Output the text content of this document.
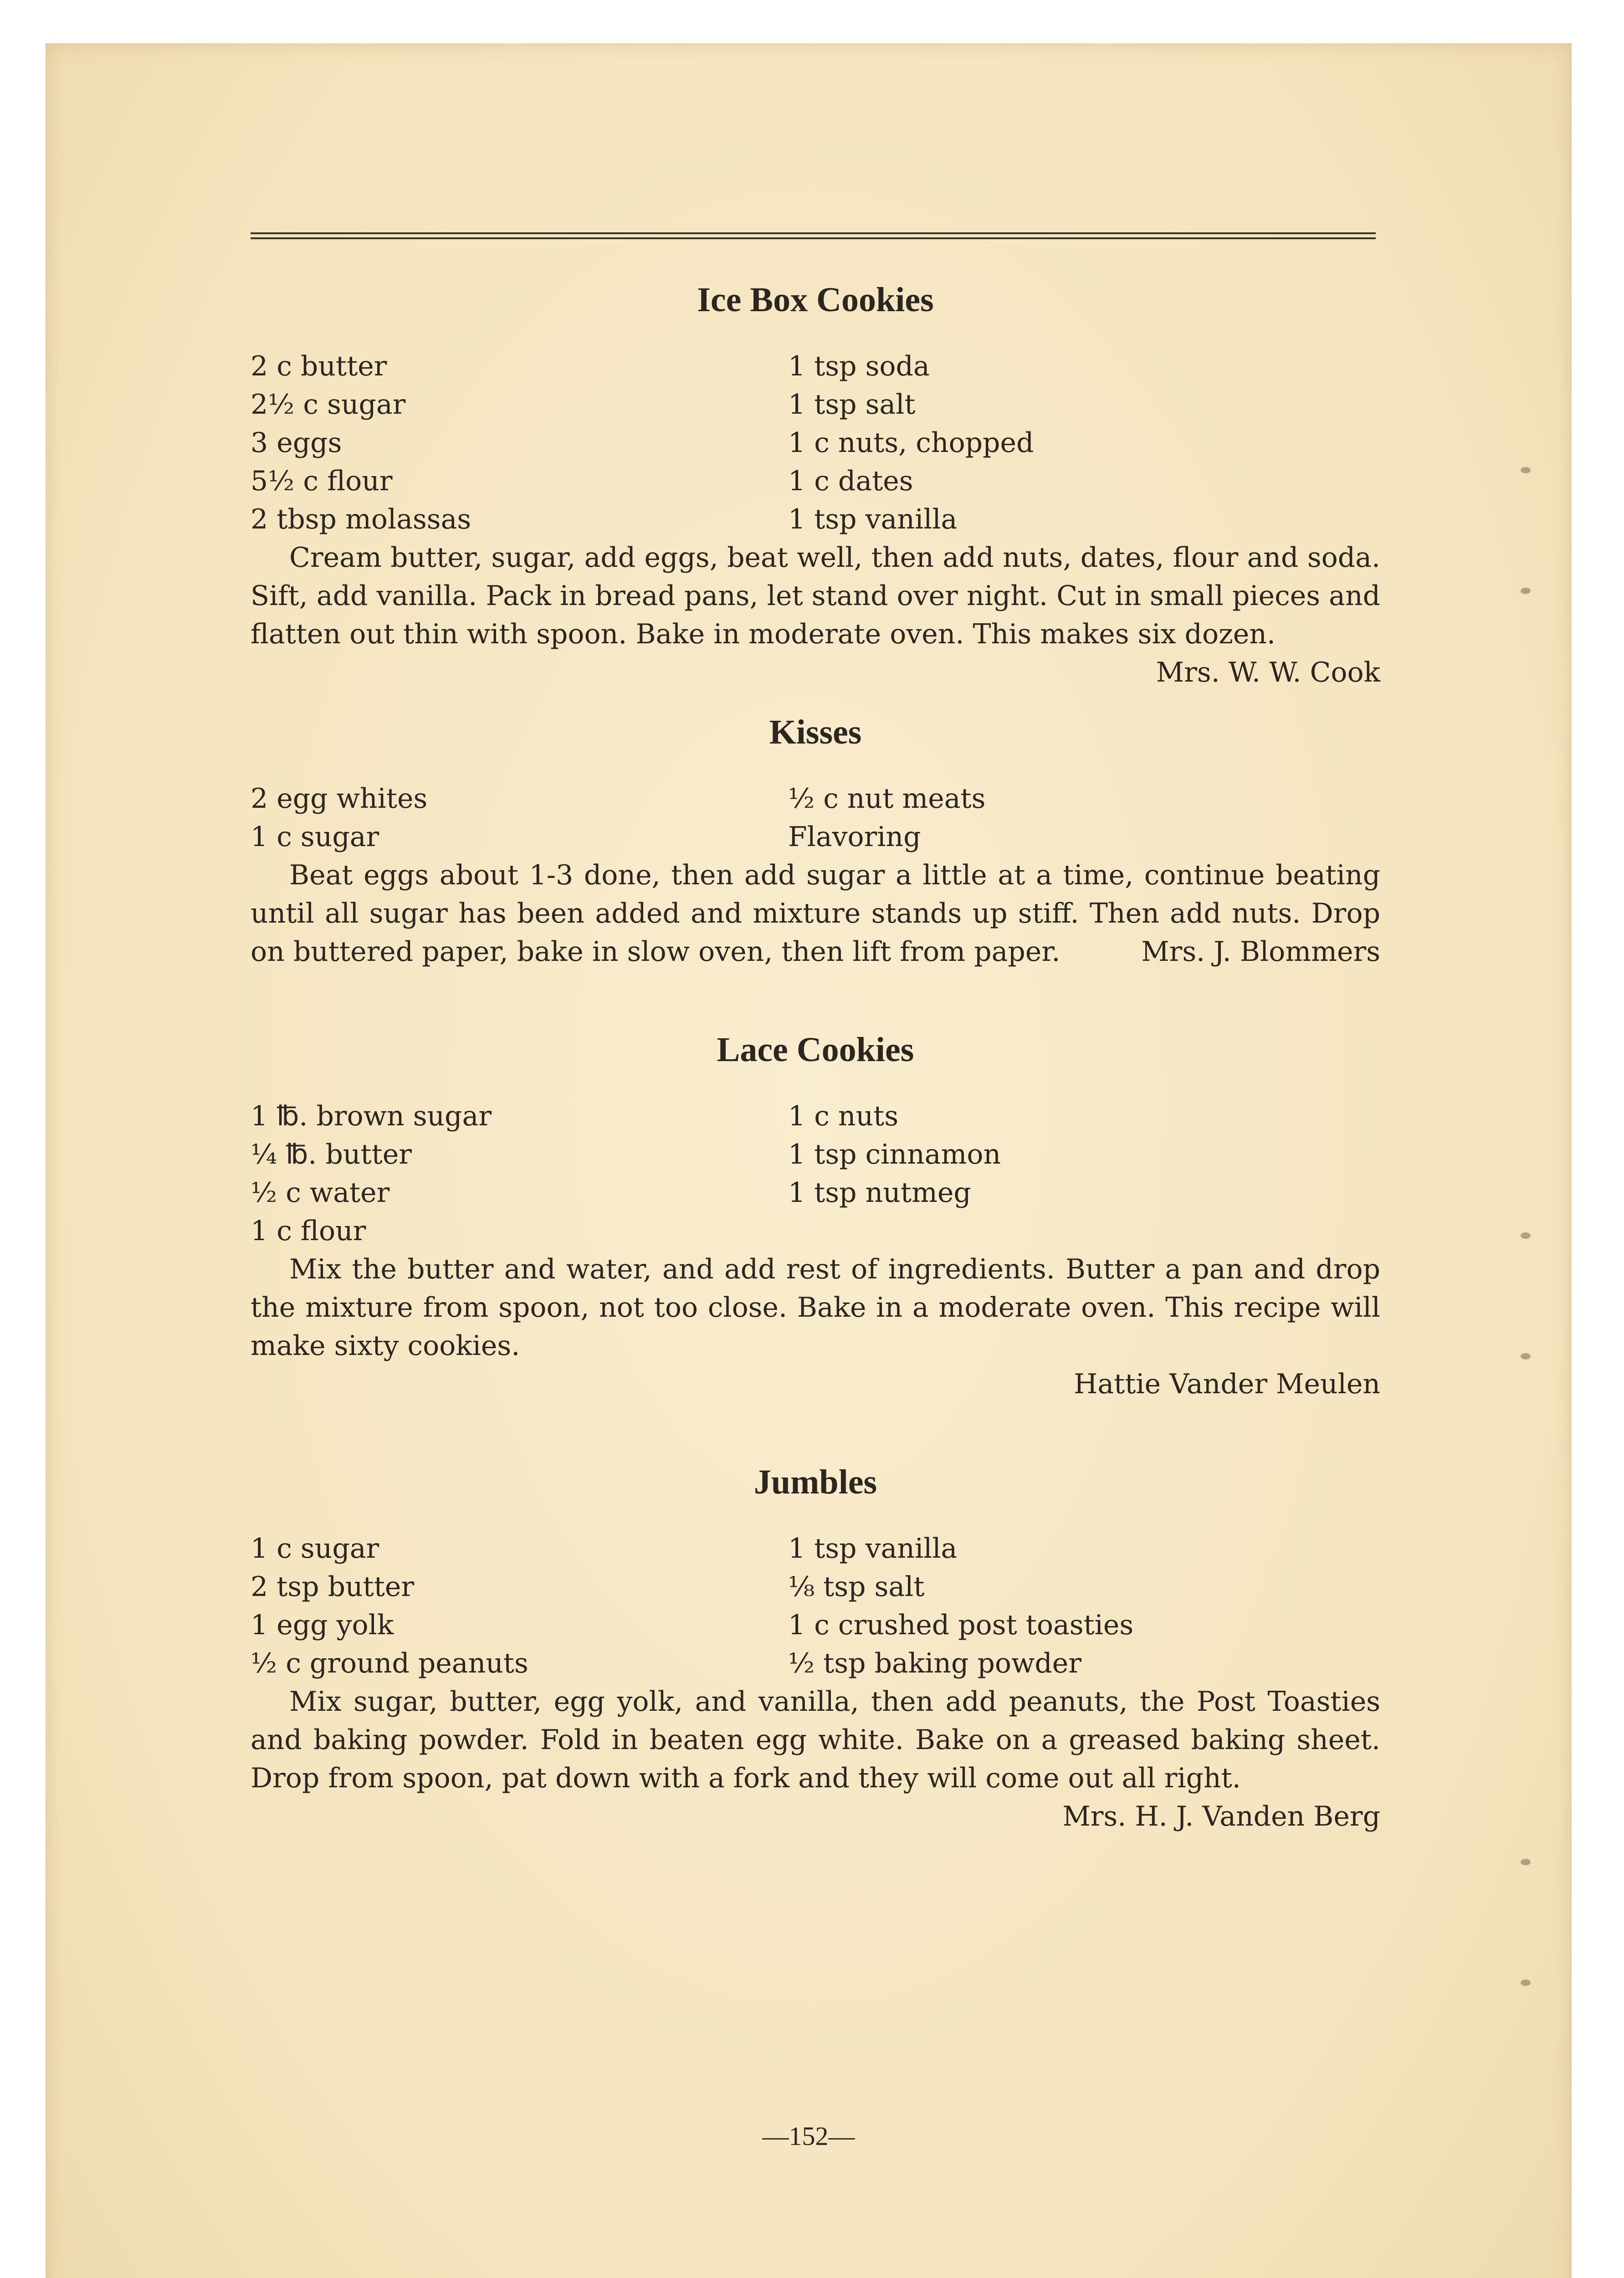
Ice Box Cookies
2 c butter
2½ c sugar
3 eggs
5½ c flour
2 tbsp molassas
1 tsp soda
1 tsp salt
1 c nuts, chopped
1 c dates
1 tsp vanilla

Cream butter, sugar, add eggs, beat well, then add nuts, dates, flour and soda. Sift, add vanilla. Pack in bread pans, let stand over night. Cut in small pieces and flatten out thin with spoon. Bake in moderate oven. This makes six dozen.
Mrs. W. W. Cook

Kisses
2 egg whites
1 c sugar
½ c nut meats
Flavoring

Beat eggs about 1-3 done, then add sugar a little at a time, continue beating until all sugar has been added and mixture stands up stiff. Then add nuts. Drop on buttered paper, bake in slow oven, then lift from paper.	Mrs. J. Blommers

Lace Cookies
1 ℔. brown sugar
¼ ℔. butter
½ c water
1 c flour
1 c nuts
1 tsp cinnamon
1 tsp nutmeg

Mix the butter and water, and add rest of ingredients. Butter a pan and drop the mixture from spoon, not too close. Bake in a moderate oven. This recipe will make sixty cookies.

Hattie Vander Meulen

Jumbles
1 c sugar
2 tsp butter
1 egg yolk
½ c ground peanuts
1 tsp vanilla
⅛ tsp salt
1 c crushed post toasties
½ tsp baking powder

Mix sugar, butter, egg yolk, and vanilla, then add peanuts, the Post Toasties and baking powder. Fold in beaten egg white. Bake on a greased baking sheet. Drop from spoon, pat down with a fork and they will come out all right.
Mrs. H. J. Vanden Berg

—152—
